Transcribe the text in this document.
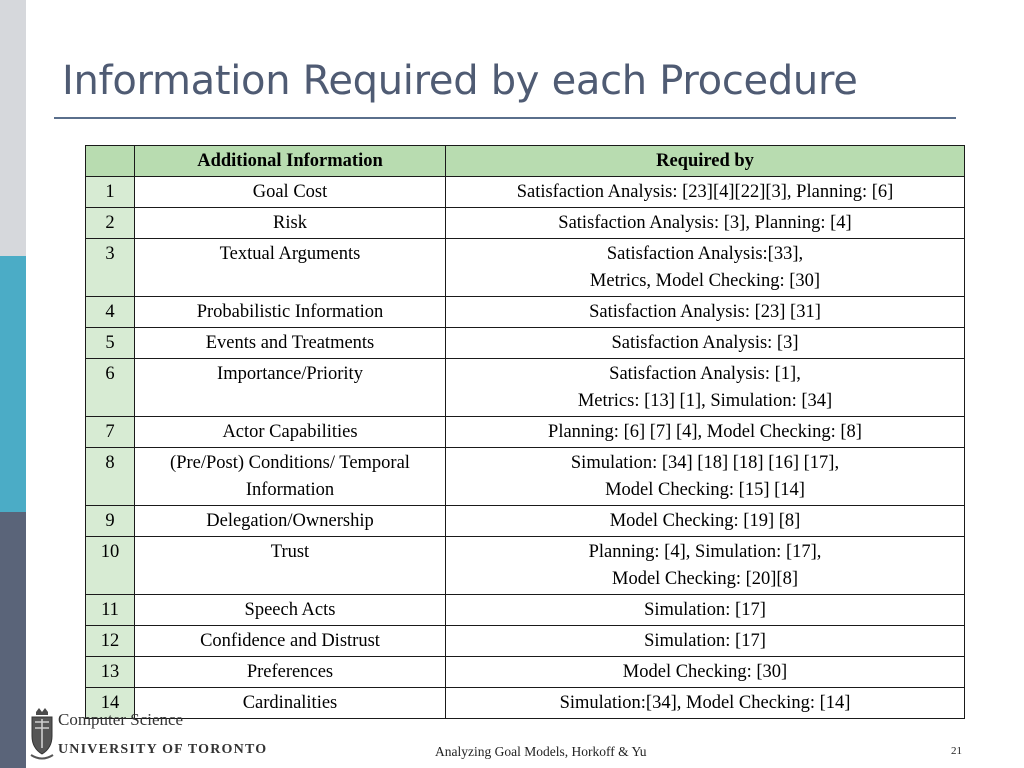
Information Required by each Procedure
	Additional Information	Required by
1	Goal Cost	Satisfaction Analysis: [23][4][22][3], Planning: [6]

2	Risk	Satisfaction Analysis: [3], Planning: [4]

3	Textual Arguments	Satisfaction Analysis:[33],
Metrics, Model Checking: [30]

4	Probabilistic Information	Satisfaction Analysis: [23] [31]

5	Events and Treatments	Satisfaction Analysis: [3]

6	Importance/Priority	Satisfaction Analysis: [1],
Metrics: [13] [1], Simulation: [34]

7	Actor Capabilities	Planning: [6] [7] [4], Model Checking: [8]

8	(Pre/Post) Conditions/ Temporal
Information	Simulation: [34] [18] [18] [16] [17],
Model Checking: [15] [14]

9	Delegation/Ownership	Model Checking: [19] [8]

10	Trust	Planning: [4], Simulation: [17],
Model Checking: [20][8]

11	Speech Acts	Simulation: [17]

12	Confidence and Distrust	Simulation: [17]

13	Preferences	Model Checking: [30]

14	Cardinalities	Simulation:[34], Model Checking: [14]
Computer Science
UNIVERSITY OF TORONTO	Analyzing Goal Models, Horkoff & Yu	21
